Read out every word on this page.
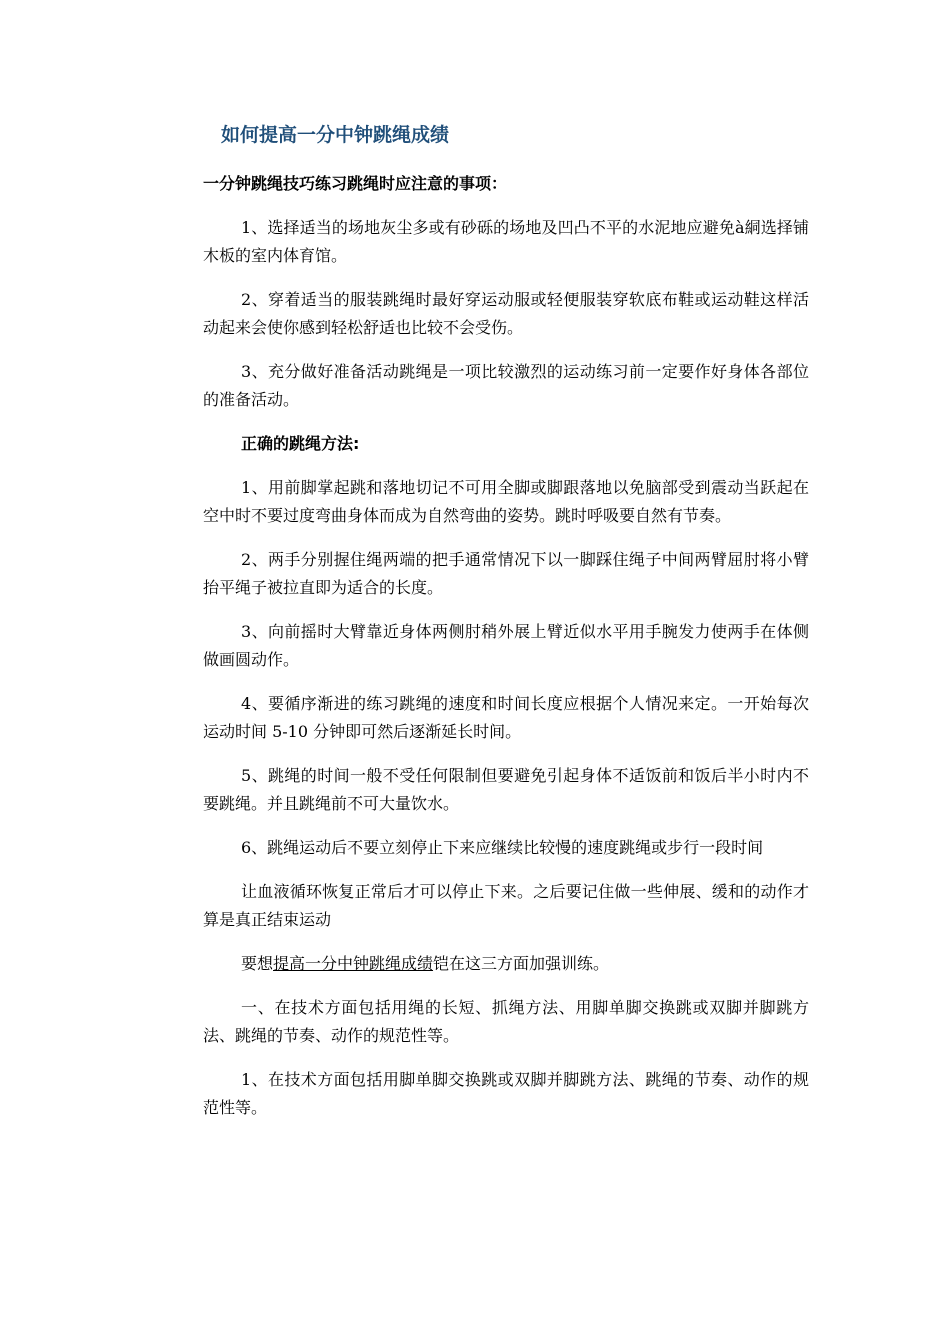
如何提高一分中钟跳绳成绩

一分钟跳绳技巧练习跳绳时应注意的事项：

1、选择适当的场地灰尘多或有砂砾的场地及凹凸不平的水泥地应避免à絧选择铺木板的室内体育馆。

2、穿着适当的服装跳绳时最好穿运动服或轻便服装穿软底布鞋或运动鞋这样活动起来会使你感到轻松舒适也比较不会受伤。

3、充分做好准备活动跳绳是一项比较激烈的运动练习前一定要作好身体各部位的准备活动。

正确的跳绳方法:

1、用前脚掌起跳和落地切记不可用全脚或脚跟落地以免脑部受到震动当跃起在空中时不要过度弯曲身体而成为自然弯曲的姿势。跳时呼吸要自然有节奏。

2、两手分别握住绳两端的把手通常情况下以一脚踩住绳子中间两臂屈肘将小臂抬平绳子被拉直即为适合的长度。

3、向前摇时大臂靠近身体两侧肘稍外展上臂近似水平用手腕发力使两手在体侧做画圆动作。

4、要循序渐进的练习跳绳的速度和时间长度应根据个人情况来定。一开始每次运动时间 5-10 分钟即可然后逐渐延长时间。

5、跳绳的时间一般不受任何限制但要避免引起身体不适饭前和饭后半小时内不要跳绳。并且跳绳前不可大量饮水。

6、跳绳运动后不要立刻停止下来应继续比较慢的速度跳绳或步行一段时间

让血液循环恢复正常后才可以停止下来。之后要记住做一些伸展、缓和的动作才算是真正结束运动

要想提高一分中钟跳绳成绩铠在这三方面加强训练。

一、在技术方面包括用绳的长短、抓绳方法、用脚单脚交换跳或双脚并脚跳方法、跳绳的节奏、动作的规范性等。

1、在技术方面包括用脚单脚交换跳或双脚并脚跳方法、跳绳的节奏、动作的规范性等。
